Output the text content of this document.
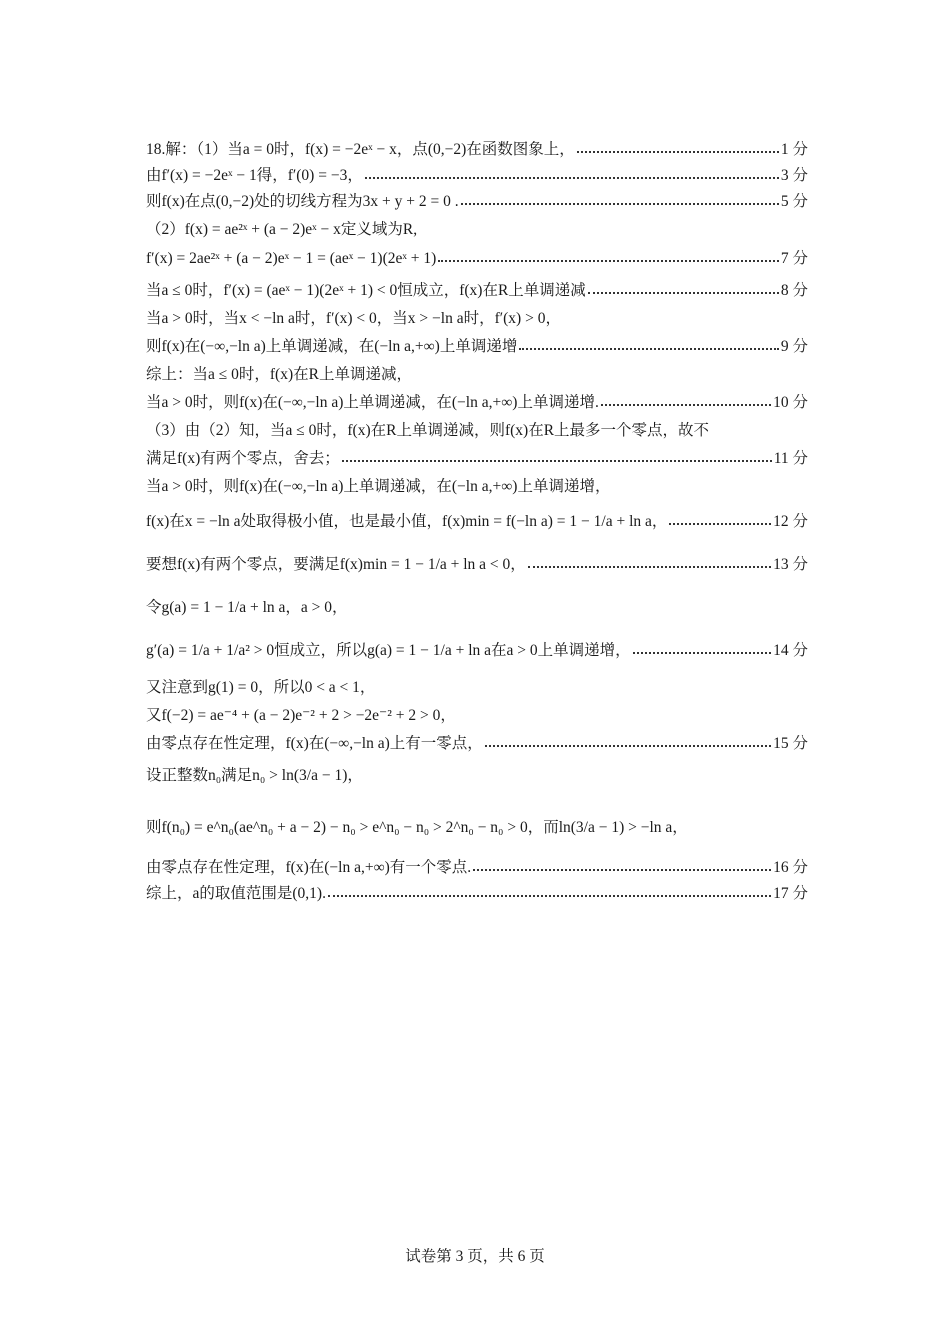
18.解：（1）当a = 0时，f(x) = −2eˣ − x，点(0,−2)在函数图象上，	1 分
由f′(x) = −2eˣ − 1得，f′(0) = −3，	3 分
则f(x)在点(0,−2)处的切线方程为3x + y + 2 = 0 .	5 分
（2）f(x) = ae²ˣ + (a − 2)eˣ − x定义域为R,
f′(x) = 2ae²ˣ + (a − 2)eˣ − 1 = (aeˣ − 1)(2eˣ + 1)	7 分
当a ≤ 0时，f′(x) = (aeˣ − 1)(2eˣ + 1) < 0恒成立，f(x)在R上单调递减	8 分
当a > 0时，当x < −ln a时，f′(x) < 0，当x > −ln a时，f′(x) > 0，
则f(x)在(−∞,−ln a)上单调递减，在(−ln a,+∞)上单调递增	9 分
综上：当a ≤ 0时，f(x)在R上单调递减，
当a > 0时，则f(x)在(−∞,−ln a)上单调递减，在(−ln a,+∞)上单调递增.	10 分
（3）由（2）知，当a ≤ 0时，f(x)在R上单调递减，则f(x)在R上最多一个零点，故不
满足f(x)有两个零点，舍去；	11 分
当a > 0时，则f(x)在(−∞,−ln a)上单调递减，在(−ln a,+∞)上单调递增，
f(x)在x = −ln a处取得极小值，也是最小值，f(x)min = f(−ln a) = 1 − 1/a + ln a，	12 分
要想f(x)有两个零点，要满足f(x)min = 1 − 1/a + ln a < 0，	13 分
令g(a) = 1 − 1/a + ln a，a > 0，
g′(a) = 1/a + 1/a² > 0恒成立，所以g(a) = 1 − 1/a + ln a在a > 0上单调递增，	14 分
又注意到g(1) = 0，所以0 < a < 1，
又f(−2) = ae⁻⁴ + (a − 2)e⁻² + 2 > −2e⁻² + 2 > 0，
由零点存在性定理，f(x)在(−∞,−ln a)上有一零点，	15 分
设正整数n₀满足n₀ > ln(3/a − 1)，
则f(n₀) = e^n₀(ae^n₀ + a − 2) − n₀ > e^n₀ − n₀ > 2^n₀ − n₀ > 0，而ln(3/a − 1) > −ln a，
由零点存在性定理，f(x)在(−ln a,+∞)有一个零点.	16 分
综上，a的取值范围是(0,1).	17 分
试卷第 3 页，共 6 页
